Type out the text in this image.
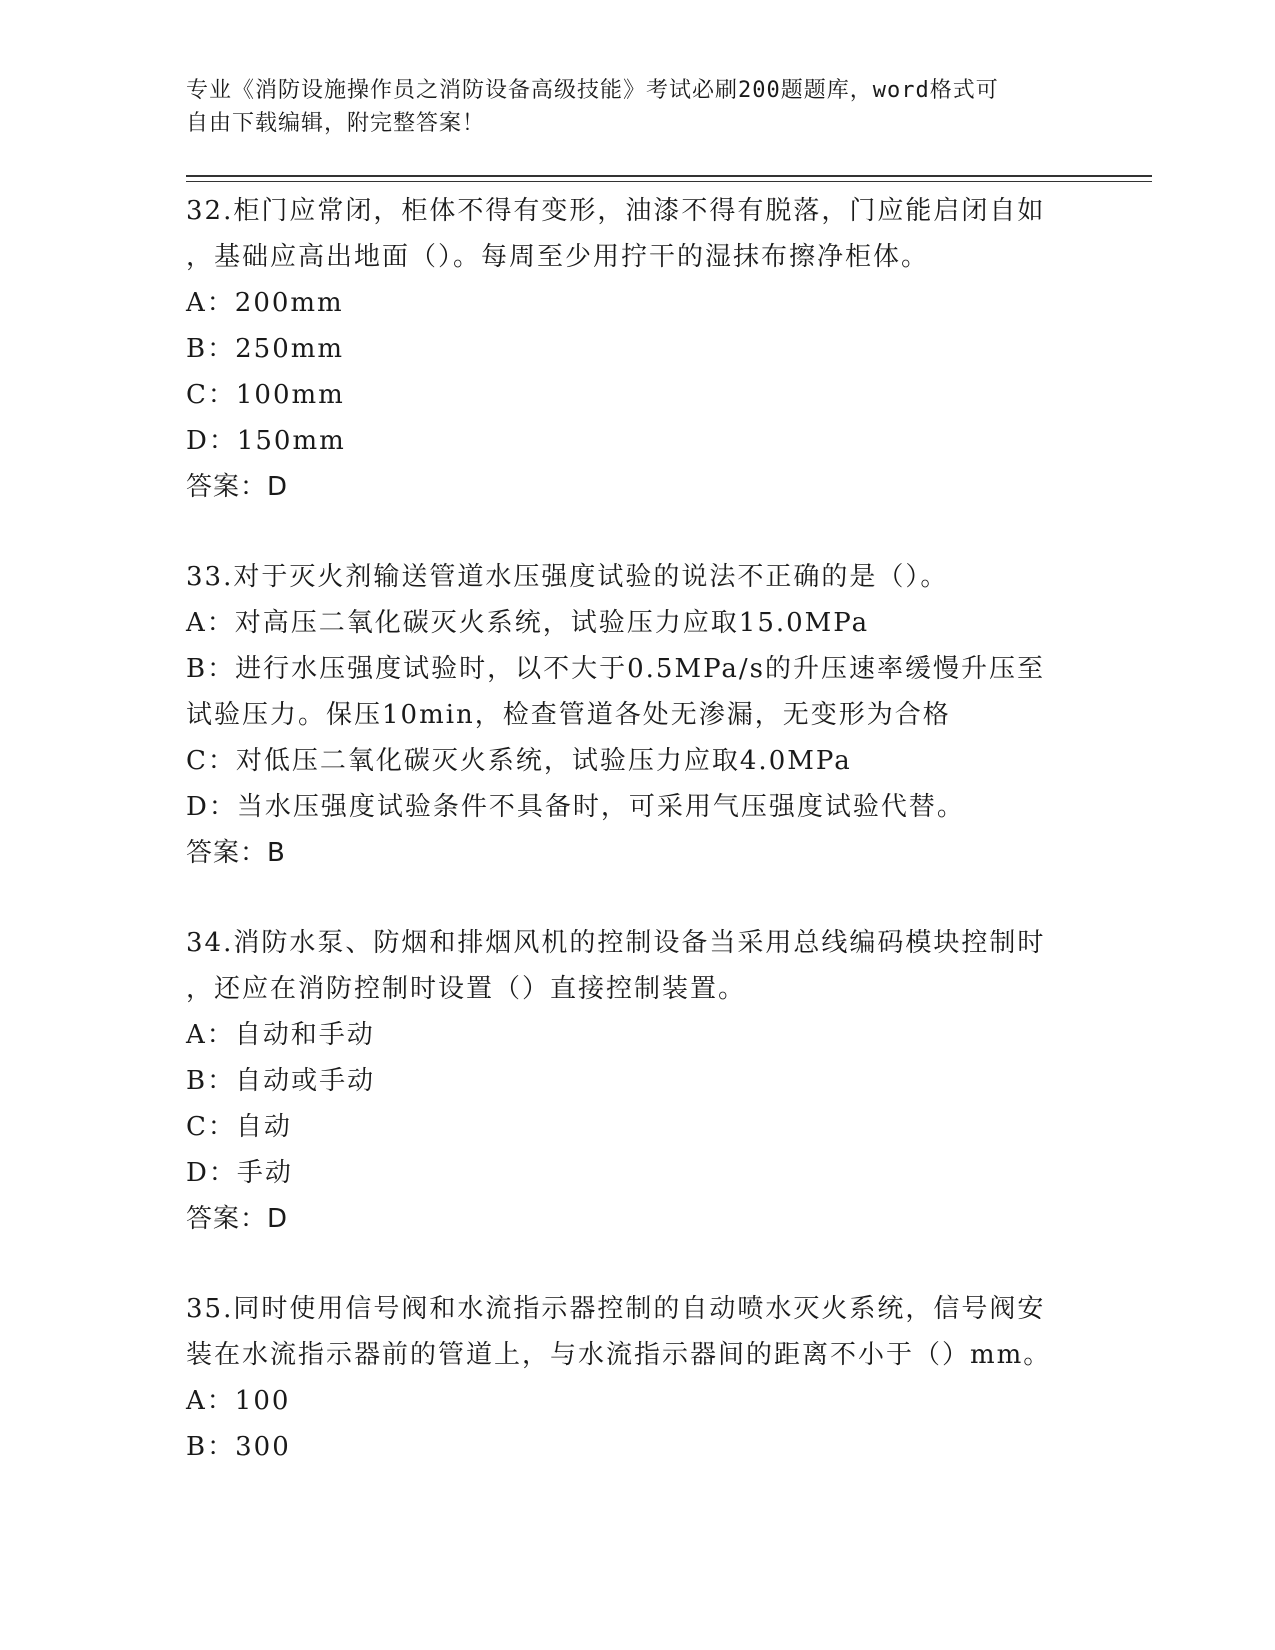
专业《消防设施操作员之消防设备高级技能》考试必刷200题题库，word格式可
自由下载编辑，附完整答案！
32.柜门应常闭，柜体不得有变形，油漆不得有脱落，门应能启闭自如
，基础应高出地面（）。每周至少用拧干的湿抹布擦净柜体。
A：200mm
B：250mm
C：100mm
D：150mm
答案：D
33.对于灭火剂输送管道水压强度试验的说法不正确的是（）。
A：对高压二氧化碳灭火系统，试验压力应取15.0MPa
B：进行水压强度试验时，以不大于0.5MPa/s的升压速率缓慢升压至
试验压力。保压10min，检查管道各处无渗漏，无变形为合格
C：对低压二氧化碳灭火系统，试验压力应取4.0MPa
D：当水压强度试验条件不具备时，可采用气压强度试验代替。
答案：B
34.消防水泵、防烟和排烟风机的控制设备当采用总线编码模块控制时
，还应在消防控制时设置（）直接控制装置。
A：自动和手动
B：自动或手动
C：自动
D：手动
答案：D
35.同时使用信号阀和水流指示器控制的自动喷水灭火系统，信号阀安
装在水流指示器前的管道上，与水流指示器间的距离不小于（）mm。
A：100
B：300
